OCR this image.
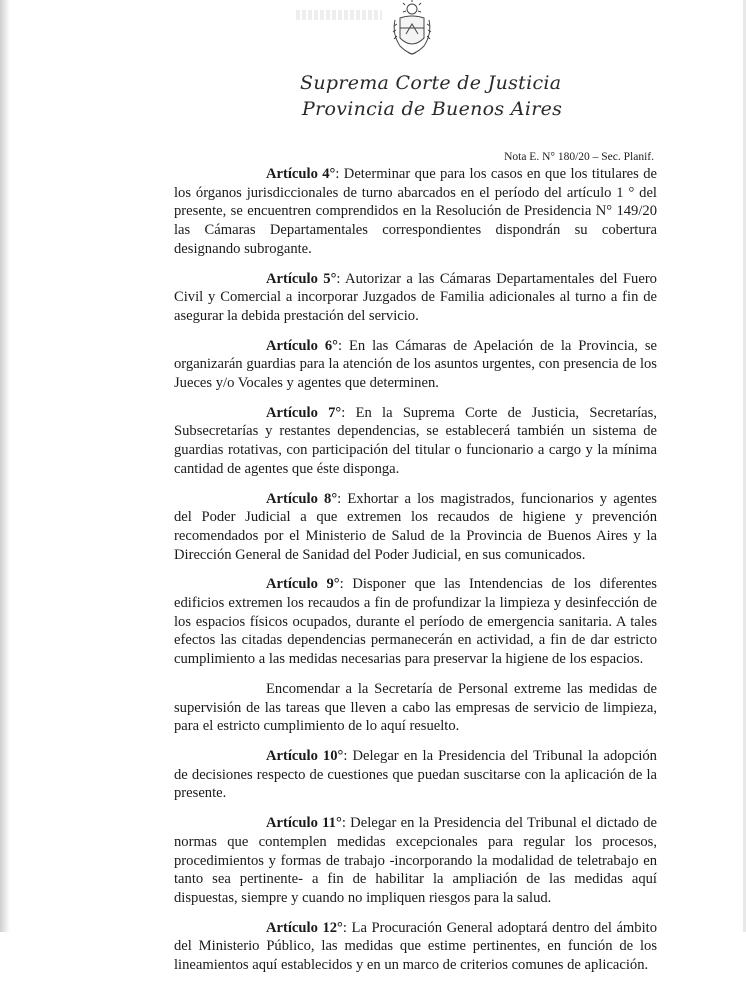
Suprema Corte de Justicia
Provincia de Buenos Aires
Nota E. N° 180/20 – Sec. Planif.

Artículo 4°: Determinar que para los casos en que los titulares de los órganos jurisdiccionales de turno abarcados en el período del artículo 1 ° del presente, se encuentren comprendidos en la Resolución de Presidencia N° 149/20 las Cámaras Departamentales correspondientes dispondrán su cobertura designando subrogante.

Artículo 5°: Autorizar a las Cámaras Departamentales del Fuero Civil y Comercial a incorporar Juzgados de Familia adicionales al turno a fin de asegurar la debida prestación del servicio.

Artículo 6°: En las Cámaras de Apelación de la Provincia, se organizarán guardias para la atención de los asuntos urgentes, con presencia de los Jueces y/o Vocales y agentes que determinen.

Artículo 7°: En la Suprema Corte de Justicia, Secretarías, Subsecretarías y restantes dependencias, se establecerá también un sistema de guardias rotativas, con participación del titular o funcionario a cargo y la mínima cantidad de agentes que éste disponga.

Artículo 8°: Exhortar a los magistrados, funcionarios y agentes del Poder Judicial a que extremen los recaudos de higiene y prevención recomendados por el Ministerio de Salud de la Provincia de Buenos Aires y la Dirección General de Sanidad del Poder Judicial, en sus comunicados.

Artículo 9°: Disponer que las Intendencias de los diferentes edificios extremen los recaudos a fin de profundizar la limpieza y desinfección de los espacios físicos ocupados, durante el período de emergencia sanitaria. A tales efectos las citadas dependencias permanecerán en actividad, a fin de dar estricto cumplimiento a las medidas necesarias para preservar la higiene de los espacios.

Encomendar a la Secretaría de Personal extreme las medidas de supervisión de las tareas que lleven a cabo las empresas de servicio de limpieza, para el estricto cumplimiento de lo aquí resuelto.

Artículo 10°: Delegar en la Presidencia del Tribunal la adopción de decisiones respecto de cuestiones que puedan suscitarse con la aplicación de la presente.

Artículo 11°: Delegar en la Presidencia del Tribunal el dictado de normas que contemplen medidas excepcionales para regular los procesos, procedimientos y formas de trabajo -incorporando la modalidad de teletrabajo en tanto sea pertinente- a fin de habilitar la ampliación de las medidas aquí dispuestas, siempre y cuando no impliquen riesgos para la salud.

Artículo 12°: La Procuración General adoptará dentro del ámbito del Ministerio Público, las medidas que estime pertinentes, en función de los lineamientos aquí establecidos y en un marco de criterios comunes de aplicación.
